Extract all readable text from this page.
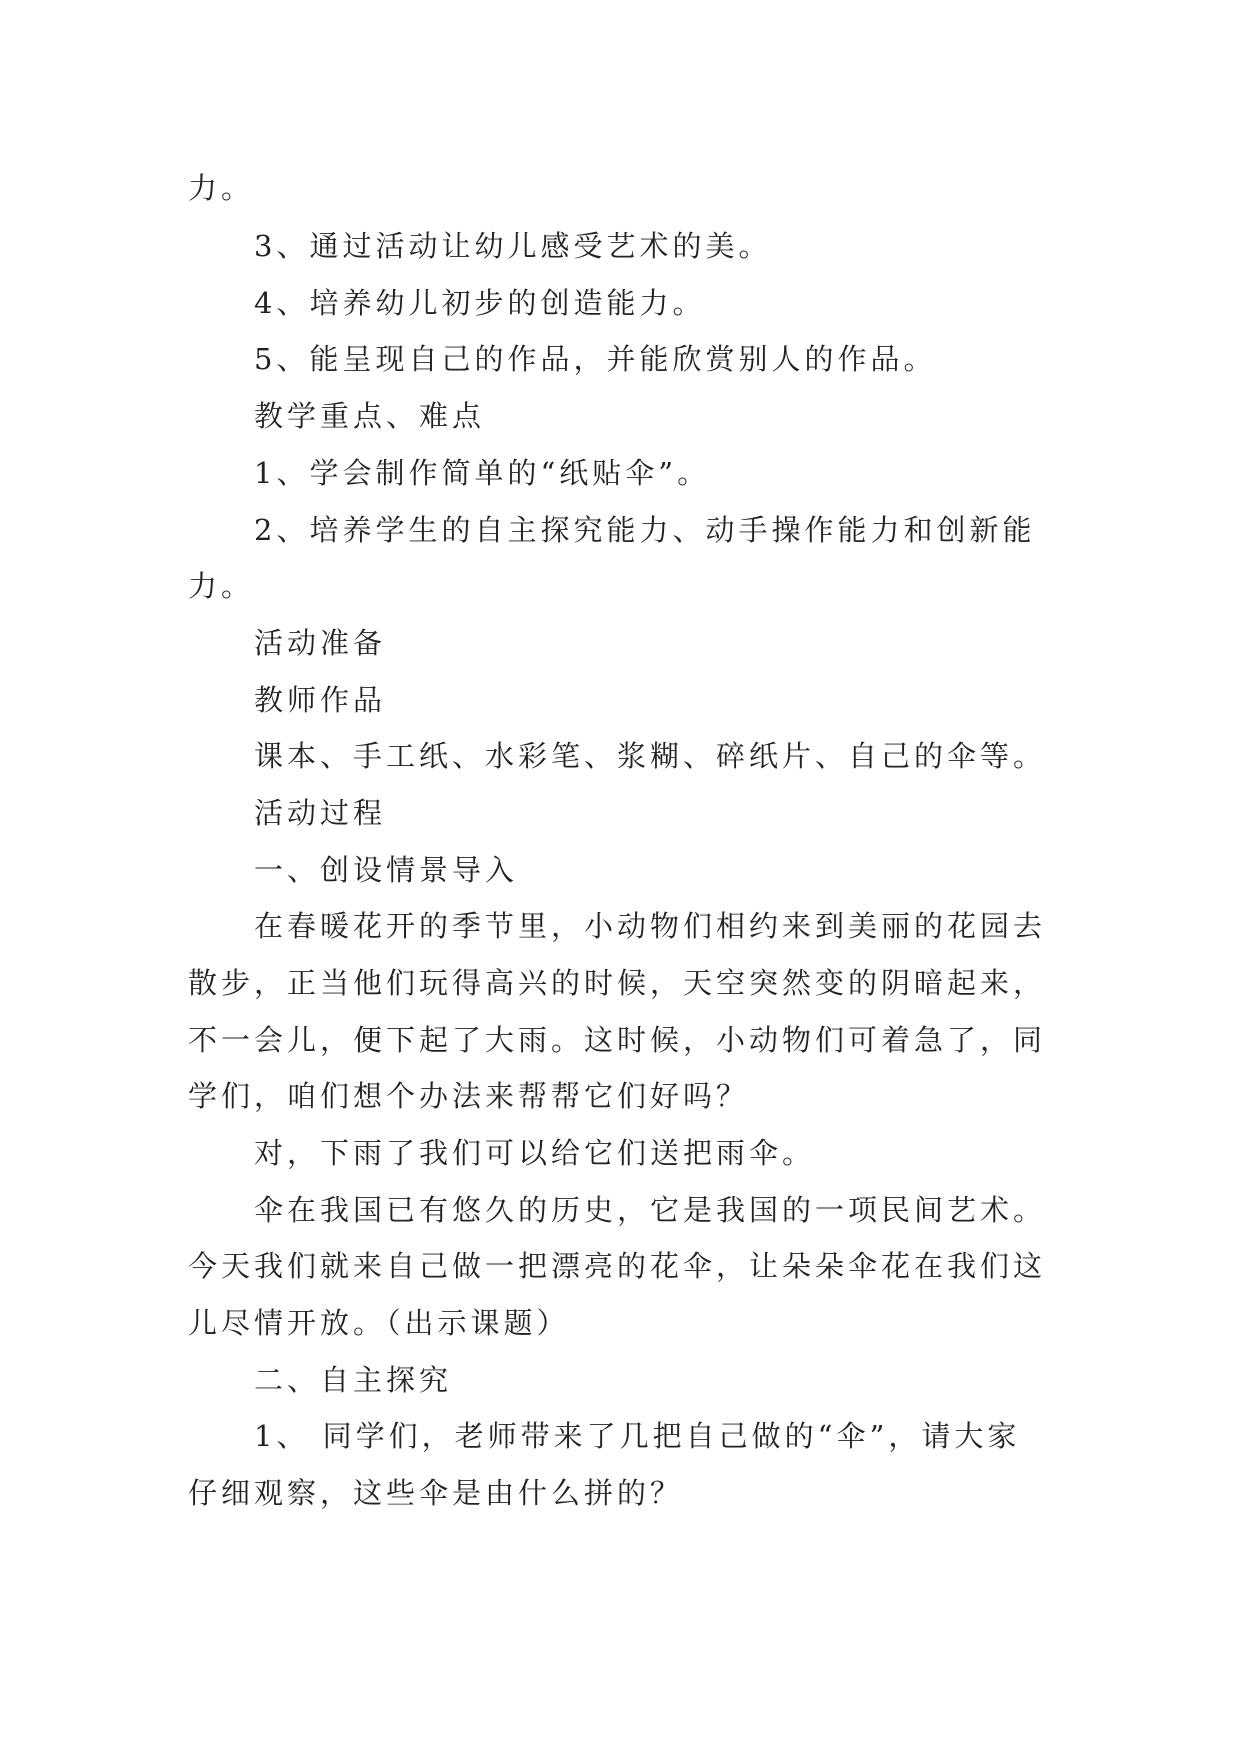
力。
3、通过活动让幼儿感受艺术的美。
4、培养幼儿初步的创造能力。
5、能呈现自己的作品，并能欣赏别人的作品。
教学重点、难点
1、学会制作简单的“纸贴伞”。
2、培养学生的自主探究能力、动手操作能力和创新能
力。
活动准备
教师作品
课本、手工纸、水彩笔、浆糊、碎纸片、自己的伞等。
活动过程
一、创设情景导入
在春暖花开的季节里，小动物们相约来到美丽的花园去
散步，正当他们玩得高兴的时候，天空突然变的阴暗起来，
不一会儿，便下起了大雨。这时候，小动物们可着急了，同
学们，咱们想个办法来帮帮它们好吗？
对，下雨了我们可以给它们送把雨伞。
伞在我国已有悠久的历史，它是我国的一项民间艺术。
今天我们就来自己做一把漂亮的花伞，让朵朵伞花在我们这
儿尽情开放。（出示课题）
二、自主探究
1、 同学们，老师带来了几把自己做的“伞”，请大家
仔细观察，这些伞是由什么拼的？
